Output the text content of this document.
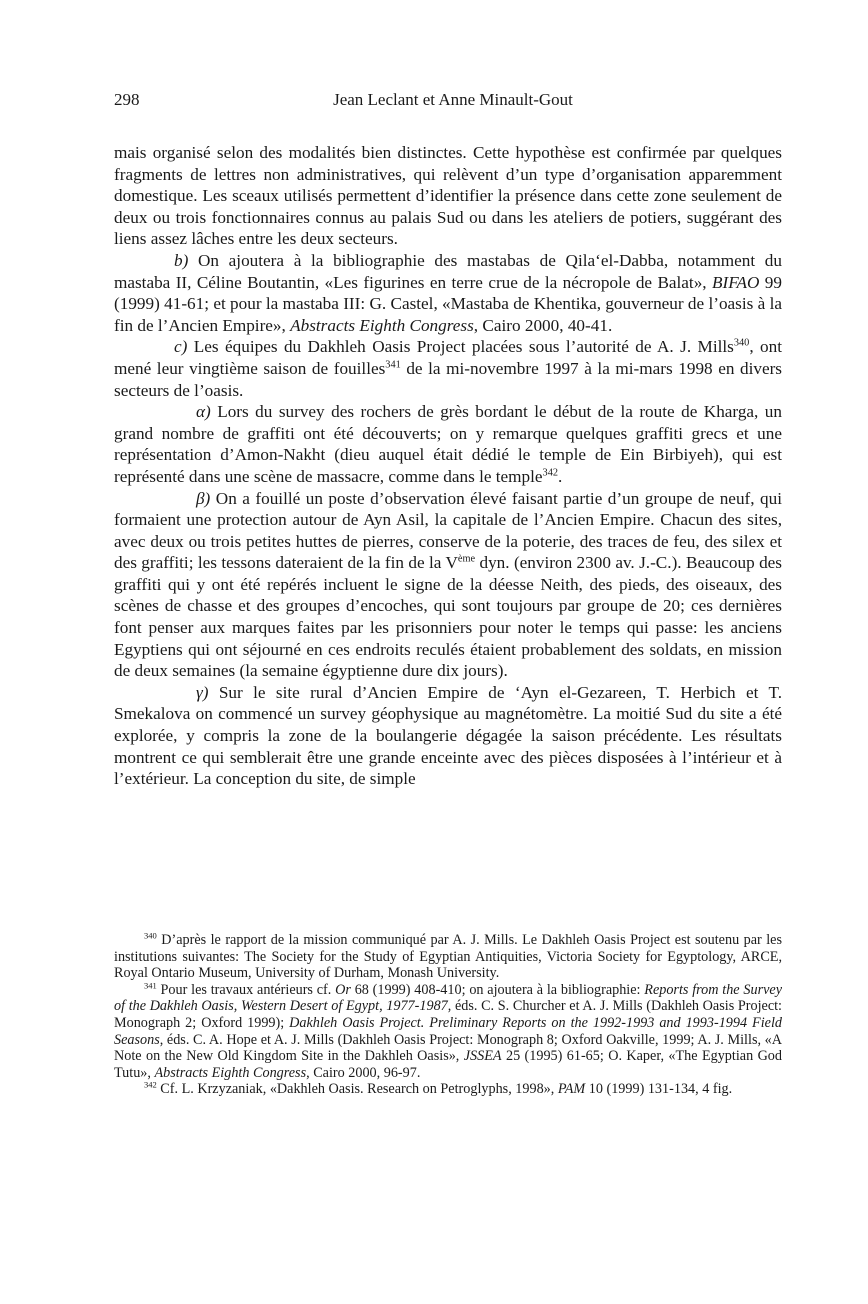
298	Jean Leclant et Anne Minault-Gout

mais organisé selon des modalités bien distinctes. Cette hypothèse est confirmée par quelques fragments de lettres non administratives, qui relèvent d’un type d’organisation apparemment domestique. Les sceaux utilisés permettent d’identifier la présence dans cette zone seulement de deux ou trois fonctionnaires connus au palais Sud ou dans les ateliers de potiers, suggérant des liens assez lâches entre les deux secteurs.

b) On ajoutera à la bibliographie des mastabas de Qila‘el-Dabba, notamment du mastaba II, Céline Boutantin, «Les figurines en terre crue de la nécropole de Balat», BIFAO 99 (1999) 41-61; et pour la mastaba III: G. Castel, «Mastaba de Khentika, gouverneur de l’oasis à la fin de l’Ancien Empire», Abstracts Eighth Congress, Cairo 2000, 40-41.

c) Les équipes du Dakhleh Oasis Project placées sous l’autorité de A. J. Mills$^{340}$, ont mené leur vingtième saison de fouilles$^{341}$ de la mi-novembre 1997 à la mi-mars 1998 en divers secteurs de l’oasis.

α) Lors du survey des rochers de grès bordant le début de la route de Kharga, un grand nombre de graffiti ont été découverts; on y remarque quelques graffiti grecs et une représentation d’Amon-Nakht (dieu auquel était dédié le temple de Ein Birbiyeh), qui est représenté dans une scène de massacre, comme dans le temple$^{342}$.

β) On a fouillé un poste d’observation élevé faisant partie d’un groupe de neuf, qui formaient une protection autour de Ayn Asil, la capitale de l’Ancien Empire. Chacun des sites, avec deux ou trois petites huttes de pierres, conserve de la poterie, des traces de feu, des silex et des graffiti; les tessons dateraient de la fin de la Vème dyn. (environ 2300 av. J.-C.). Beaucoup des graffiti qui y ont été repérés incluent le signe de la déesse Neith, des pieds, des oiseaux, des scènes de chasse et des groupes d’encoches, qui sont toujours par groupe de 20; ces dernières font penser aux marques faites par les prisonniers pour noter le temps qui passe: les anciens Egyptiens qui ont séjourné en ces endroits reculés étaient probablement des soldats, en mission de deux semaines (la semaine égyptienne dure dix jours).

γ) Sur le site rural d’Ancien Empire de ‘Ayn el-Gezareen, T. Herbich et T. Smekalova on commencé un survey géophysique au magnétomètre. La moitié Sud du site a été explorée, y compris la zone de la boulangerie dégagée la saison précédente. Les résultats montrent ce qui semblerait être une grande enceinte avec des pièces disposées à l’intérieur et à l’extérieur. La conception du site, de simple

$^{340}$ D’après le rapport de la mission communiqué par A. J. Mills. Le Dakhleh Oasis Project est soutenu par les institutions suivantes: The Society for the Study of Egyptian Antiquities, Victoria Society for Egyptology, ARCE, Royal Ontario Museum, University of Durham, Monash University.

$^{341}$ Pour les travaux antérieurs cf. Or 68 (1999) 408-410; on ajoutera à la bibliographie: Reports from the Survey of the Dakhleh Oasis, Western Desert of Egypt, 1977-1987, éds. C. S. Churcher et A. J. Mills (Dakhleh Oasis Project: Monograph 2; Oxford 1999); Dakhleh Oasis Project. Preliminary Reports on the 1992-1993 and 1993-1994 Field Seasons, éds. C. A. Hope et A. J. Mills (Dakhleh Oasis Project: Monograph 8; Oxford Oakville, 1999; A. J. Mills, «A Note on the New Old Kingdom Site in the Dakhleh Oasis», JSSEA 25 (1995) 61-65; O. Kaper, «The Egyptian God Tutu», Abstracts Eighth Congress, Cairo 2000, 96-97.

$^{342}$ Cf. L. Krzyzaniak, «Dakhleh Oasis. Research on Petroglyphs, 1998», PAM 10 (1999) 131-134, 4 fig.
